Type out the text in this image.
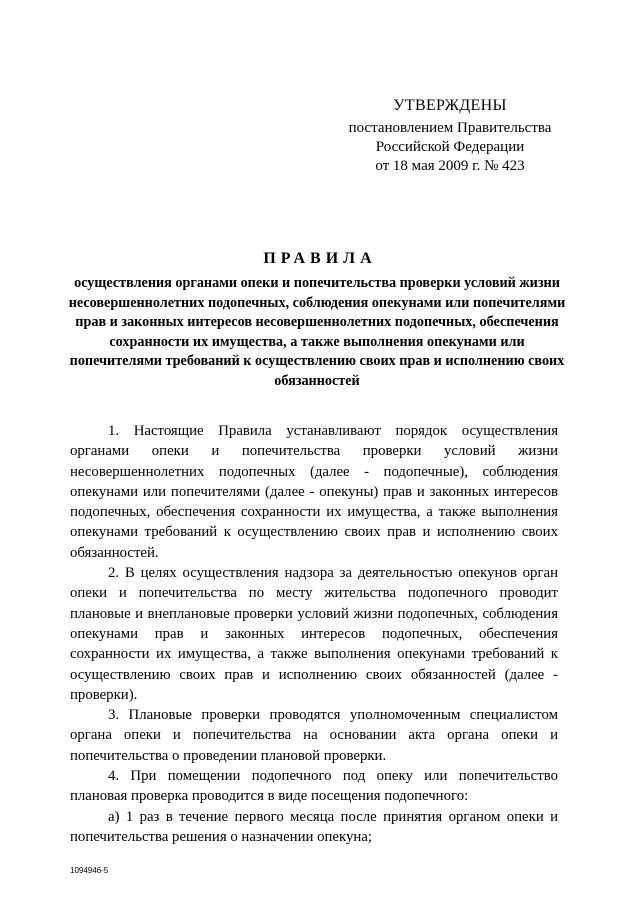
УТВЕРЖДЕНЫ
постановлением Правительства
Российской Федерации
от 18 мая 2009 г. № 423
ПРАВИЛА
осуществления органами опеки и попечительства проверки условий жизни несовершеннолетних подопечных, соблюдения опекунами или попечителями прав и законных интересов несовершеннолетних подопечных, обеспечения сохранности их имущества, а также выполнения опекунами или попечителями требований к осуществлению своих прав и исполнению своих обязанностей

1. Настоящие Правила устанавливают порядок осуществления органами опеки и попечительства проверки условий жизни несовершеннолетних подопечных (далее - подопечные), соблюдения опекунами или попечителями (далее - опекуны) прав и законных интересов подопечных, обеспечения сохранности их имущества, а также выполнения опекунами требований к осуществлению своих прав и исполнению своих обязанностей.

2. В целях осуществления надзора за деятельностью опекунов орган опеки и попечительства по месту жительства подопечного проводит плановые и внеплановые проверки условий жизни подопечных, соблюдения опекунами прав и законных интересов подопечных, обеспечения сохранности их имущества, а также выполнения опекунами требований к осуществлению своих прав и исполнению своих обязанностей (далее - проверки).

3. Плановые проверки проводятся уполномоченным специалистом органа опеки и попечительства на основании акта органа опеки и попечительства о проведении плановой проверки.

4. При помещении подопечного под опеку или попечительство плановая проверка проводится в виде посещения подопечного:

а) 1 раз в течение первого месяца после принятия органом опеки и попечительства решения о назначении опекуна;

1094946-5
